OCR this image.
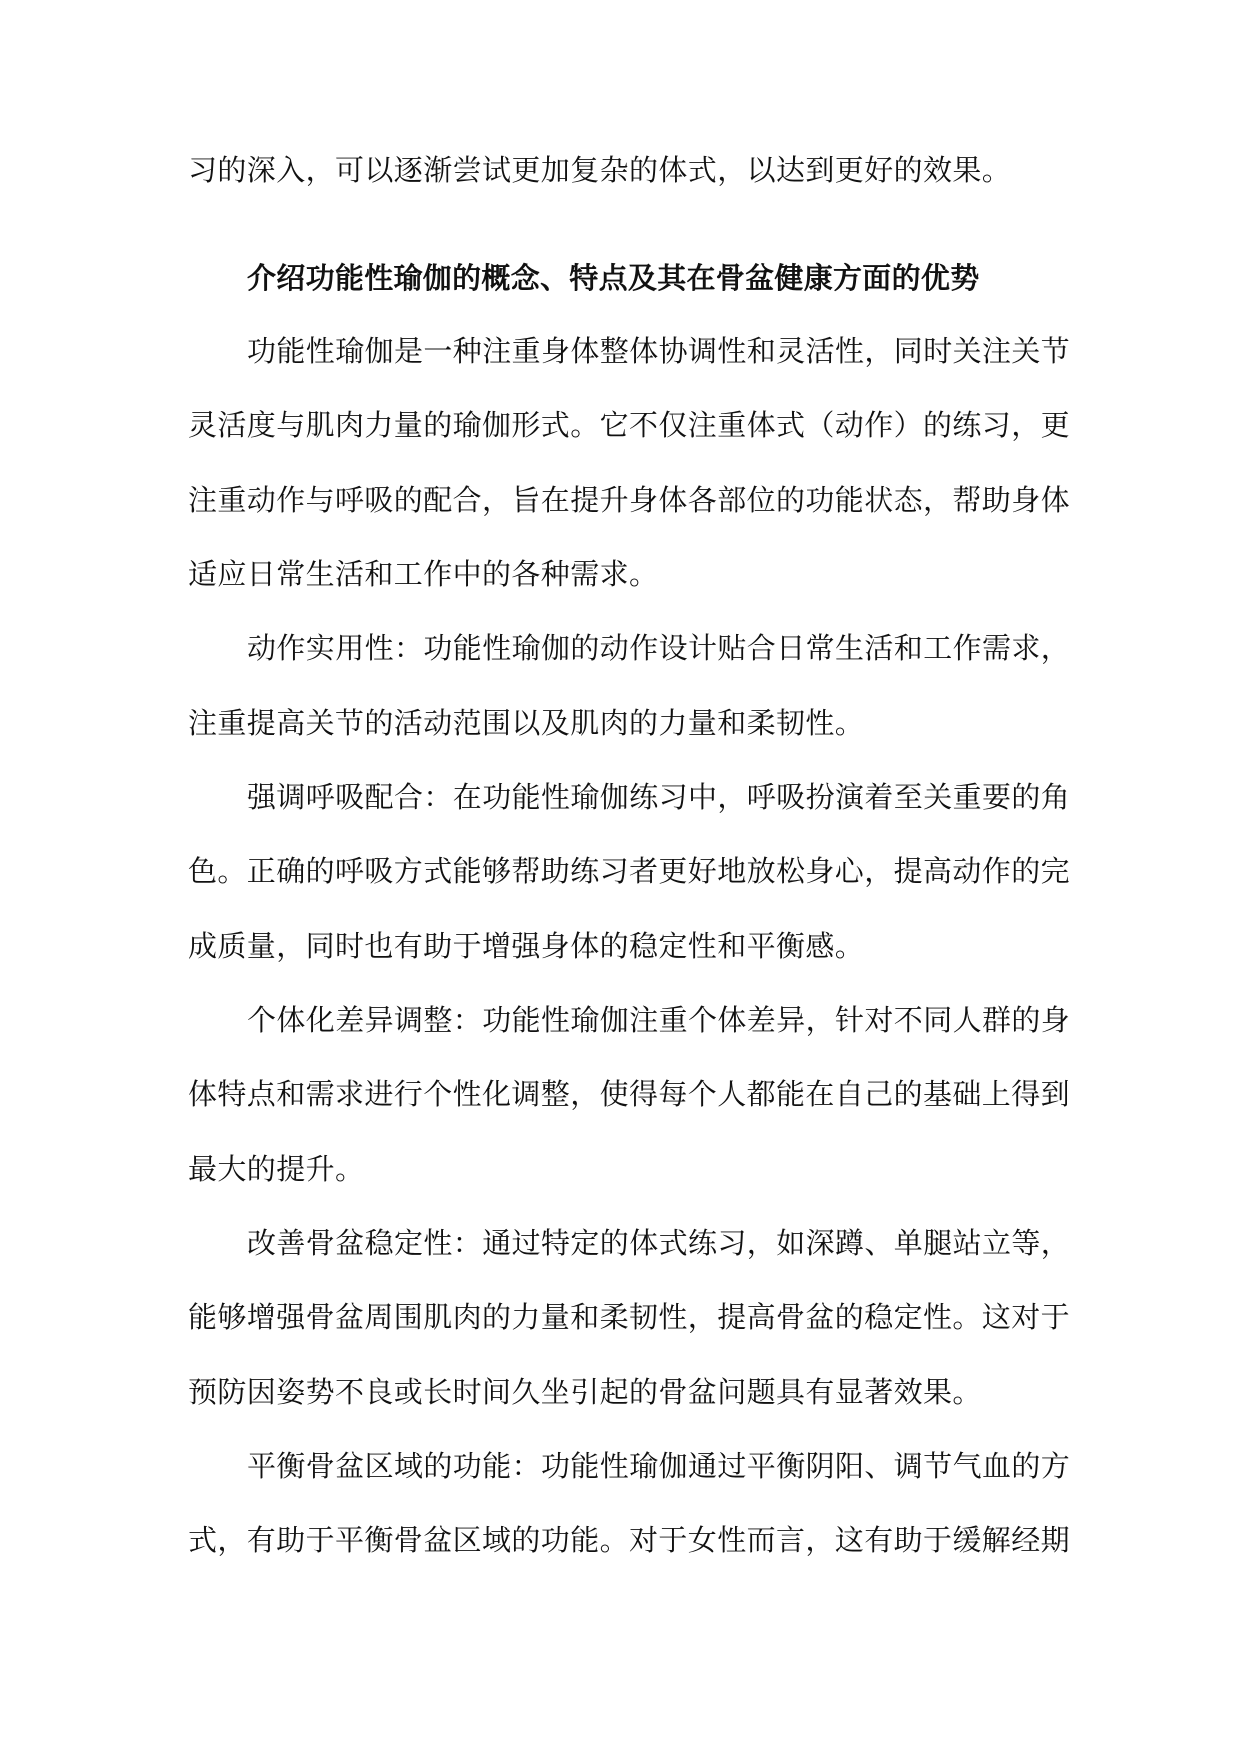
习的深入，可以逐渐尝试更加复杂的体式，以达到更好的效果。
介绍功能性瑜伽的概念、特点及其在骨盆健康方面的优势
功能性瑜伽是一种注重身体整体协调性和灵活性，同时关注关节
灵活度与肌肉力量的瑜伽形式。它不仅注重体式（动作）的练习，更
注重动作与呼吸的配合，旨在提升身体各部位的功能状态，帮助身体
适应日常生活和工作中的各种需求。
动作实用性：功能性瑜伽的动作设计贴合日常生活和工作需求，
注重提高关节的活动范围以及肌肉的力量和柔韧性。
强调呼吸配合：在功能性瑜伽练习中，呼吸扮演着至关重要的角
色。正确的呼吸方式能够帮助练习者更好地放松身心，提高动作的完
成质量，同时也有助于增强身体的稳定性和平衡感。
个体化差异调整：功能性瑜伽注重个体差异，针对不同人群的身
体特点和需求进行个性化调整，使得每个人都能在自己的基础上得到
最大的提升。
改善骨盆稳定性：通过特定的体式练习，如深蹲、单腿站立等，
能够增强骨盆周围肌肉的力量和柔韧性，提高骨盆的稳定性。这对于
预防因姿势不良或长时间久坐引起的骨盆问题具有显著效果。
平衡骨盆区域的功能：功能性瑜伽通过平衡阴阳、调节气血的方
式，有助于平衡骨盆区域的功能。对于女性而言，这有助于缓解经期
